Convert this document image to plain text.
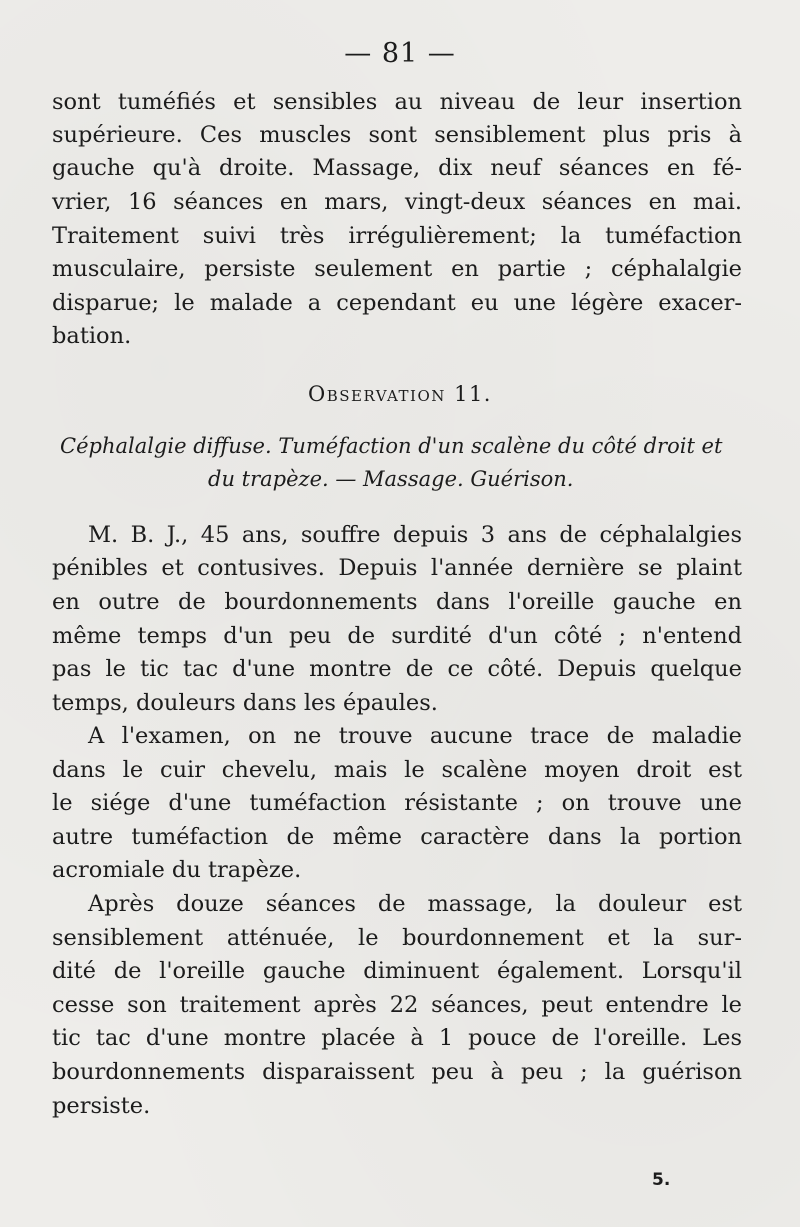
— 81 —
sont tuméfiés et sensibles au niveau de leur insertion
supérieure. Ces muscles sont sensiblement plus pris à
gauche qu'à droite. Massage, dix neuf séances en fé-
vrier, 16 séances en mars, vingt-deux séances en mai.
Traitement suivi très irrégulièrement; la tuméfaction
musculaire, persiste seulement en partie ; céphalalgie
disparue; le malade a cependant eu une légère exacer-
bation.
Observation 11.
Céphalalgie diffuse. Tuméfaction d'un scalène du côté droit et
du trapèze. — Massage. Guérison.
M. B. J., 45 ans, souffre depuis 3 ans de céphalalgies
pénibles et contusives. Depuis l'année dernière se plaint
en outre de bourdonnements dans l'oreille gauche en
même temps d'un peu de surdité d'un côté ; n'entend
pas le tic tac d'une montre de ce côté. Depuis quelque
temps, douleurs dans les épaules.
A l'examen, on ne trouve aucune trace de maladie
dans le cuir chevelu, mais le scalène moyen droit est
le siége d'une tuméfaction résistante ; on trouve une
autre tuméfaction de même caractère dans la portion
acromiale du trapèze.
Après douze séances de massage, la douleur est
sensiblement atténuée, le bourdonnement et la sur-
dité de l'oreille gauche diminuent également. Lorsqu'il
cesse son traitement après 22 séances, peut entendre le
tic tac d'une montre placée à 1 pouce de l'oreille. Les
bourdonnements disparaissent peu à peu ; la guérison
persiste.
5.
